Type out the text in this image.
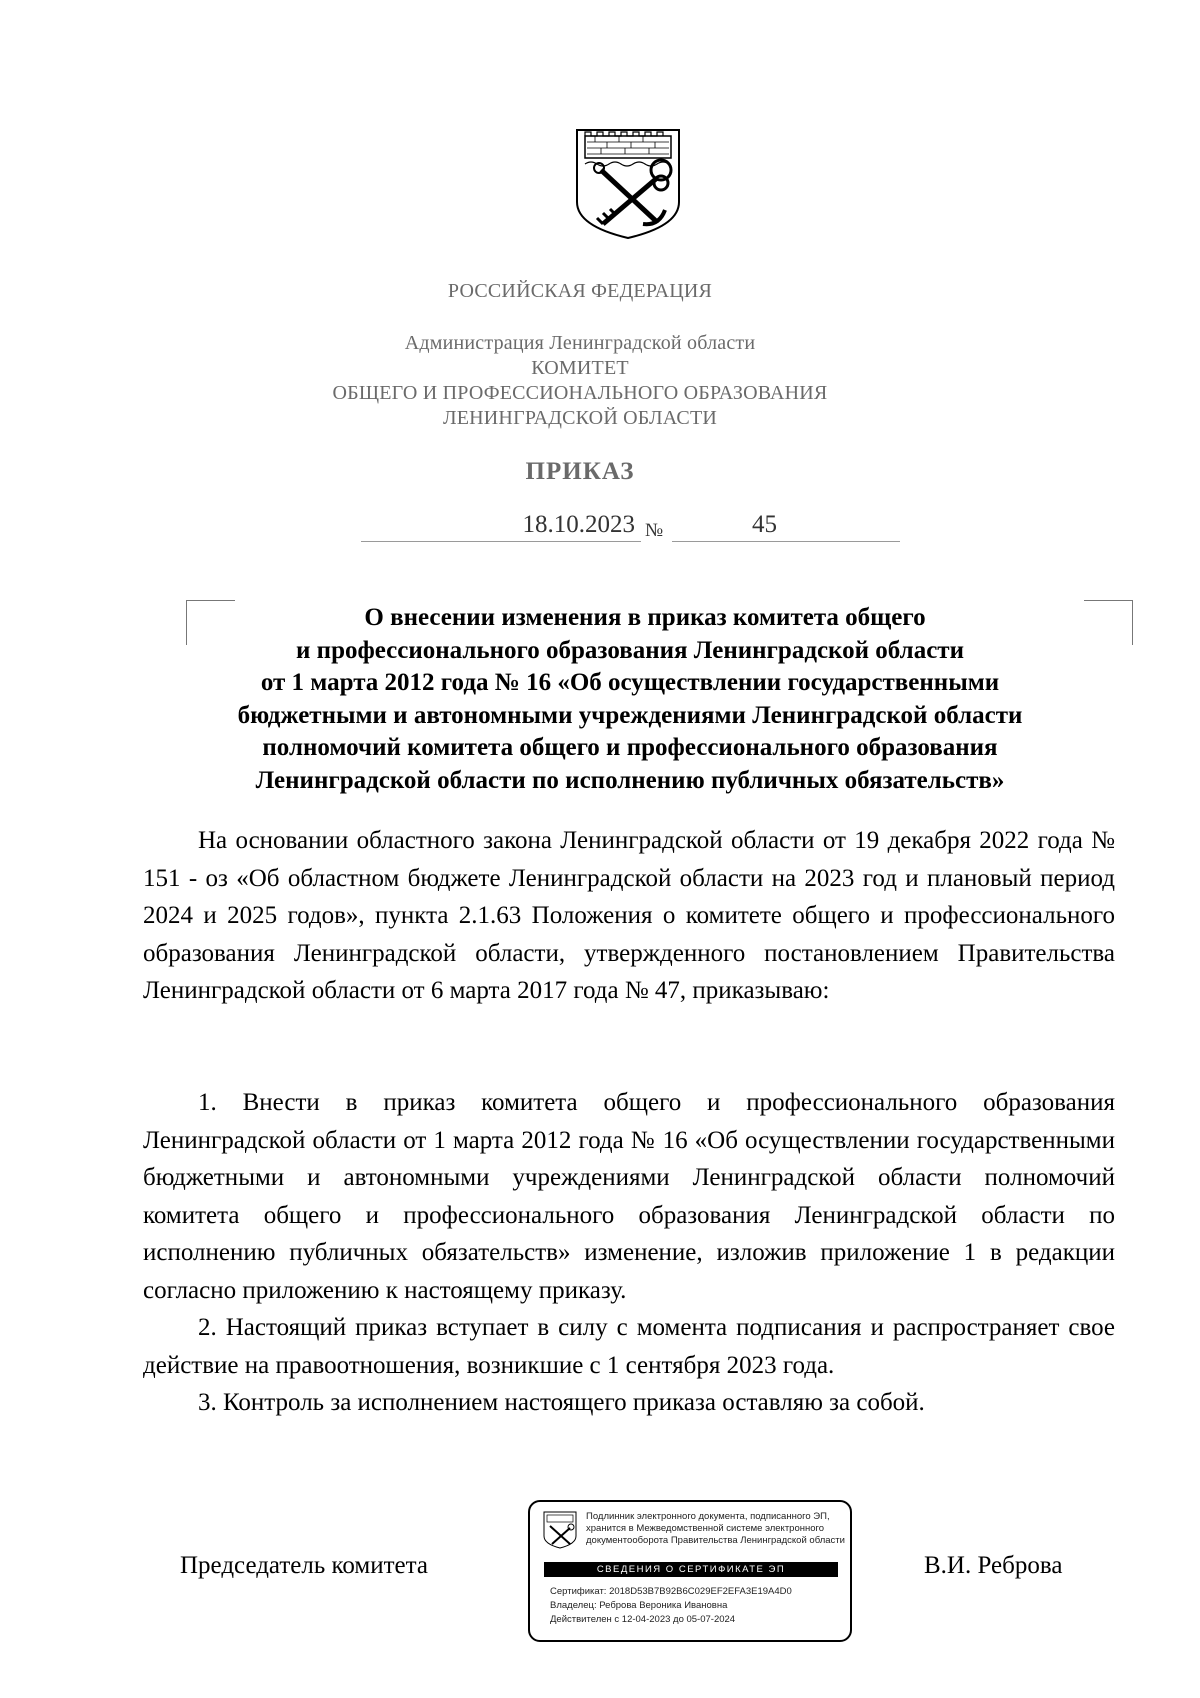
РОССИЙСКАЯ ФЕДЕРАЦИЯ
Администрация Ленинградской области
КОМИТЕТ
ОБЩЕГО И ПРОФЕССИОНАЛЬНОГО ОБРАЗОВАНИЯ
ЛЕНИНГРАДСКОЙ ОБЛАСТИ
ПРИКАЗ
18.10.2023 №	45
О внесении изменения в приказ комитета общего
и профессионального образования Ленинградской области
от 1 марта 2012 года № 16 «Об осуществлении государственными
бюджетными и автономными учреждениями Ленинградской области
полномочий комитета общего и профессионального образования
Ленинградской области по исполнению публичных обязательств»

На основании областного закона Ленинградской области от 19 декабря 2022 года № 151 - оз «Об областном бюджете Ленинградской области на 2023 год и плановый период 2024 и 2025 годов», пункта 2.1.63 Положения о комитете общего и профессионального образования Ленинградской области, утвержденного постановлением Правительства Ленинградской области от 6 марта 2017 года № 47, приказываю:

1. Внести в приказ комитета общего и профессионального образования Ленинградской области от 1 марта 2012 года № 16 «Об осуществлении государственными бюджетными и автономными учреждениями Ленинградской области полномочий комитета общего и профессионального образования Ленинградской области по исполнению публичных обязательств» изменение, изложив приложение 1 в редакции согласно приложению к настоящему приказу.

2. Настоящий приказ вступает в силу с момента подписания и распространяет свое действие на правоотношения, возникшие с 1 сентября 2023 года.

3. Контроль за исполнением настоящего приказа оставляю за собой.

Председатель комитета	В.И. Реброва
Подлинник электронного документа, подписанного ЭП,
хранится в Межведомственной системе электронного
документооборота Правительства Ленинградской области
СВЕДЕНИЯ О СЕРТИФИКАТЕ ЭП
Сертификат: 2018D53B7B92B6C029EF2EFA3E19A4D0
Владелец: Реброва Вероника Ивановна
Действителен с 12-04-2023 до 05-07-2024
